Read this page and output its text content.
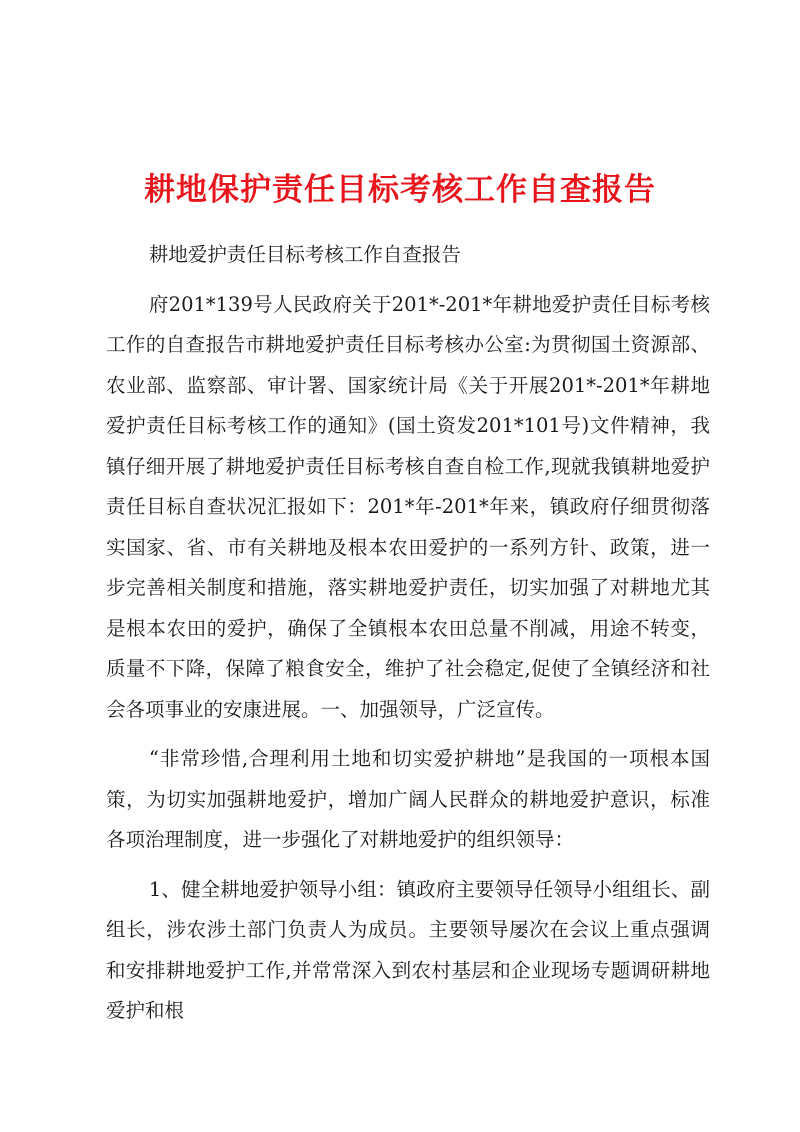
耕地保护责任目标考核工作自查报告

耕地爱护责任目标考核工作自查报告

府201*139号人民政府关于201*-201*年耕地爱护责任目标考核工作的自查报告市耕地爱护责任目标考核办公室:为贯彻国土资源部、农业部、监察部、审计署、国家统计局《关于开展201*-201*年耕地爱护责任目标考核工作的通知》(国土资发201*101号)文件精神，我镇仔细开展了耕地爱护责任目标考核自查自检工作,现就我镇耕地爱护责任目标自查状况汇报如下：201*年-201*年来，镇政府仔细贯彻落实国家、省、市有关耕地及根本农田爱护的一系列方针、政策，进一步完善相关制度和措施，落实耕地爱护责任，切实加强了对耕地尤其是根本农田的爱护，确保了全镇根本农田总量不削减，用途不转变，质量不下降，保障了粮食安全，维护了社会稳定,促使了全镇经济和社会各项事业的安康进展。一、加强领导，广泛宣传。

“非常珍惜,合理利用土地和切实爱护耕地”是我国的一项根本国策，为切实加强耕地爱护，增加广阔人民群众的耕地爱护意识，标准各项治理制度，进一步强化了对耕地爱护的组织领导：

1、健全耕地爱护领导小组：镇政府主要领导任领导小组组长、副组长，涉农涉土部门负责人为成员。主要领导屡次在会议上重点强调和安排耕地爱护工作,并常常深入到农村基层和企业现场专题调研耕地爱护和根
